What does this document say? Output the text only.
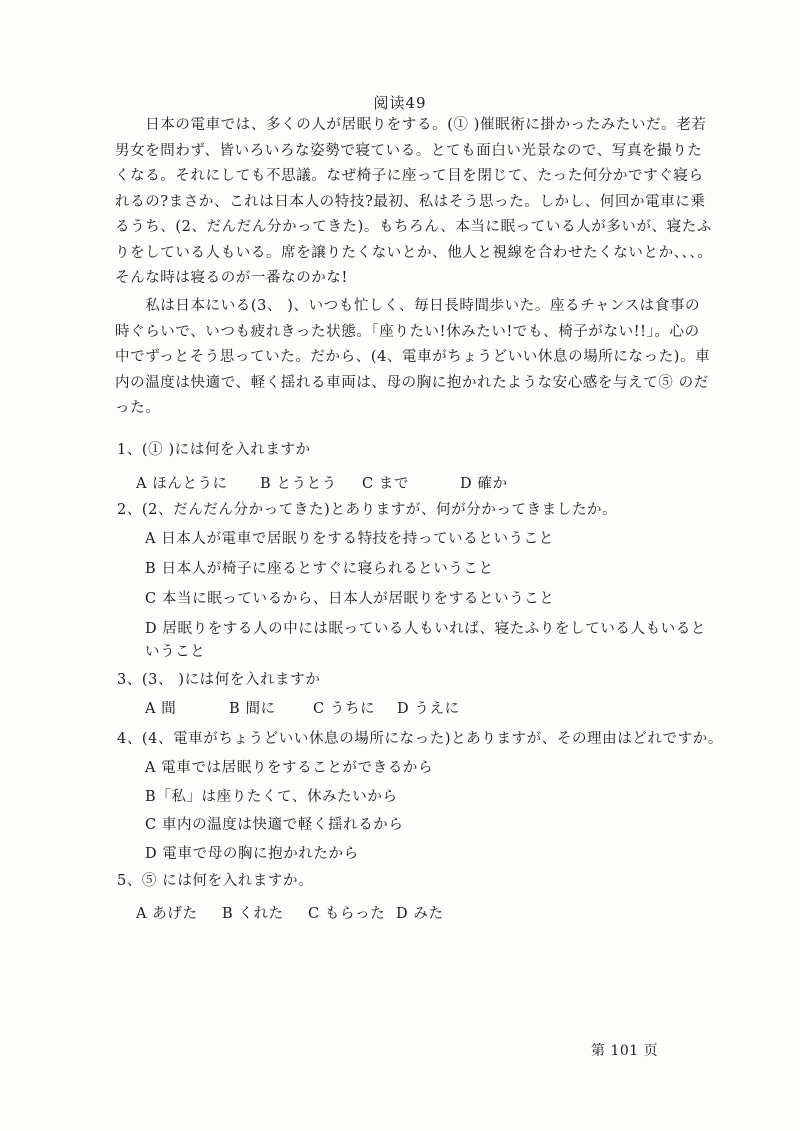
阅读49

　　日本の電車では、多くの人が居眠りをする。(① )催眠術に掛かったみたいだ。老若
男女を問わず、皆いろいろな姿勢で寝ている。とても面白い光景なので、写真を撮りた
くなる。それにしても不思議。なぜ椅子に座って目を閉じて、たった何分かですぐ寝ら
れるの?まさか、これは日本人の特技?最初、私はそう思った。しかし、何回か電車に乗
るうち、(2、だんだん分かってきた)。もちろん、本当に眠っている人が多いが、寝たふ
りをしている人もいる。席を譲りたくないとか、他人と視線を合わせたくないとか、、、。
そんな時は寝るのが一番なのかな!

　　私は日本にいる(3、 )、いつも忙しく、毎日長時間歩いた。座るチャンスは食事の
時ぐらいで、いつも疲れきった状態。「座りたい!休みたい!でも、椅子がない!!」。心の
中でずっとそう思っていた。だから、(4、電車がちょうどいい休息の場所になった)。車
内の温度は快適で、軽く揺れる車両は、母の胸に抱かれたような安心感を与えて⑤ のだ
った。

1、(① )には何を入れますか
A ほんとうに B とうとう C まで	D 確か
2、(2、だんだん分かってきた)とありますが、何が分かってきましたか。
A 日本人が電車で居眠りをする特技を持っているということ
B 日本人が椅子に座るとすぐに寝られるということ
C 本当に眠っているから、日本人が居眠りをするということ
D 居眠りをする人の中には眠っている人もいれば、寝たふりをしている人もいると
いうこと
3、(3、 )には何を入れますか
A 間	B 間に	C うちに D うえに
4、(4、電車がちょうどいい休息の場所になった)とありますが、その理由はどれですか。
A 電車では居眠りをすることができるから
B「私」は座りたくて、休みたいから
C 車内の温度は快適で軽く揺れるから
D 電車で母の胸に抱かれたから
5、⑤ には何を入れますか。
A あげた B くれた C もらった D みた
第 101 页
